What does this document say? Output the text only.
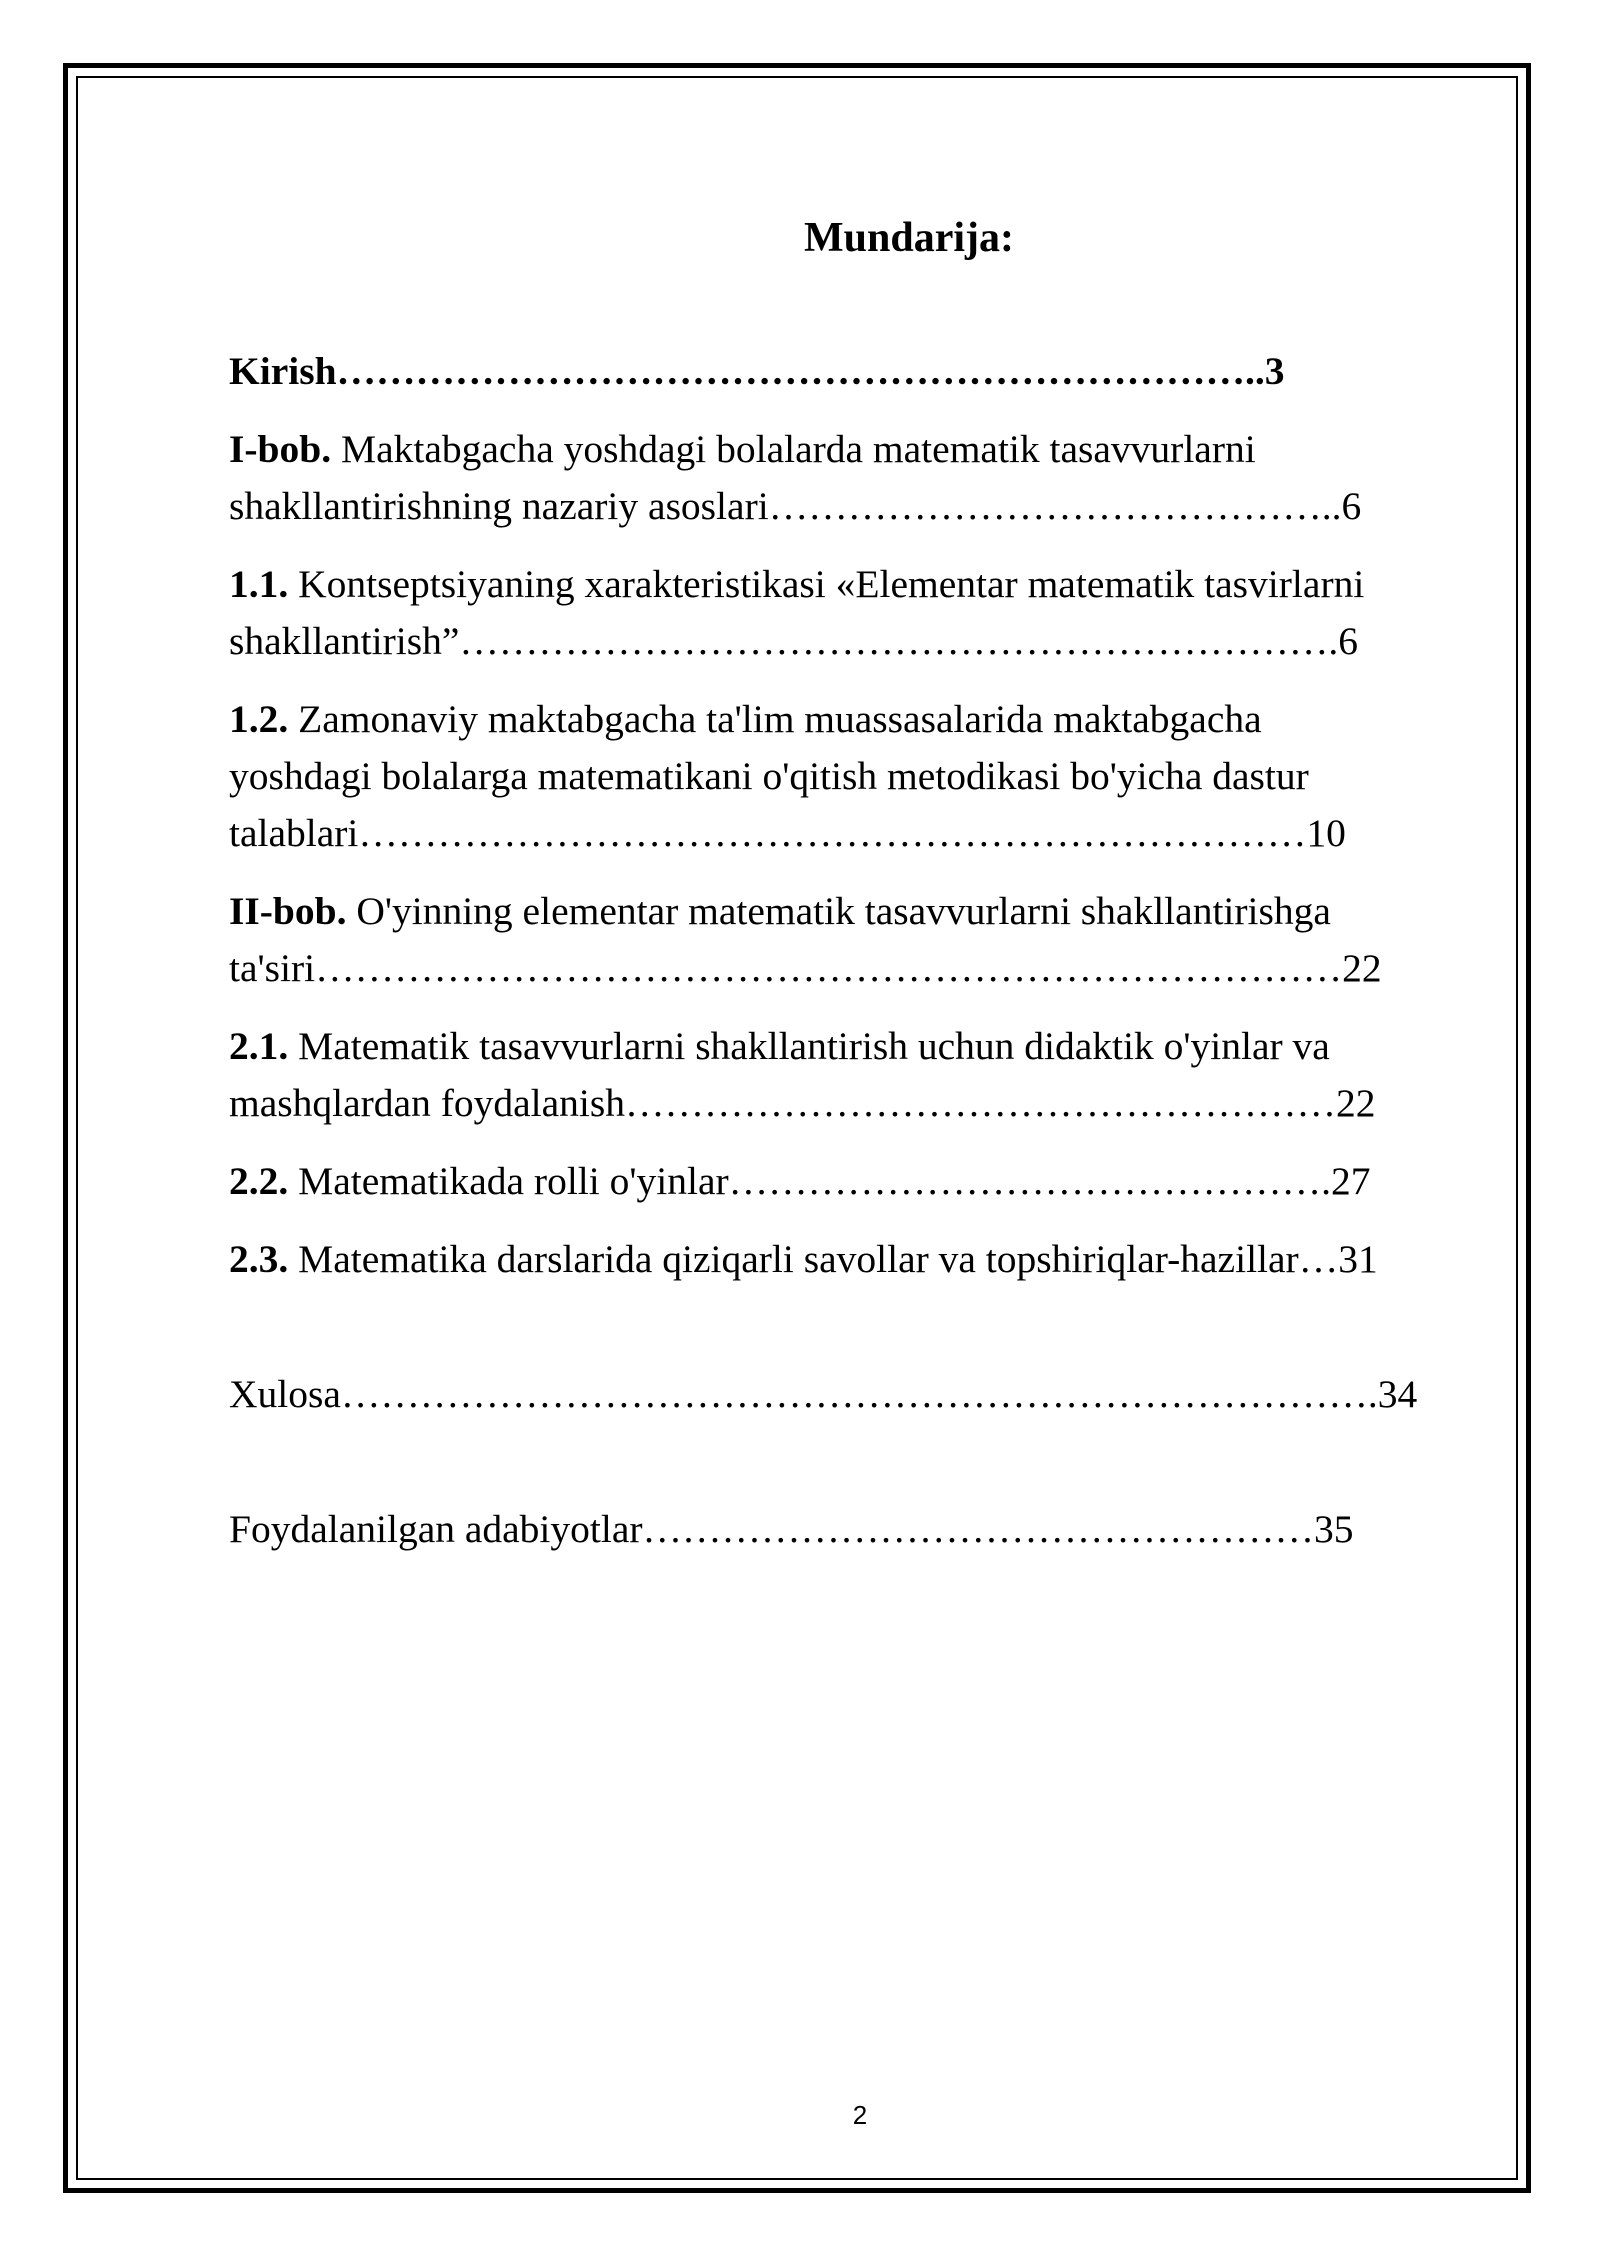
Mundarija:

Kirish……………………………………………………………..3

I-bob. Maktabgacha yoshdagi bolalarda matematik tasavvurlarni
shakllantirishning nazariy asoslari……………………………………..6
1.1. Kontseptsiyaning xarakteristikasi «Elementar matematik tasvirlarni
shakllantirish”………………………………………………………….6
1.2. Zamonaviy maktabgacha ta'lim muassasalarida maktabgacha
yoshdagi bolalarga matematikani o'qitish metodikasi bo'yicha dastur
talablari………………………………………………………………10
II-bob. O'yinning elementar matematik tasavvurlarni shakllantirishga
ta'siri……………………………………………………………………22
2.1. Matematik tasavvurlarni shakllantirish uchun didaktik o'yinlar va
mashqlardan foydalanish………………………………………………22
2.2. Matematikada rolli o'yinlar……………………………………….27
2.3. Matematika darslarida qiziqarli savollar va topshiriqlar-hazillar…31

Xulosa…………………………………………………………………….34

Foydalanilgan adabiyotlar……………………………………………35

2
